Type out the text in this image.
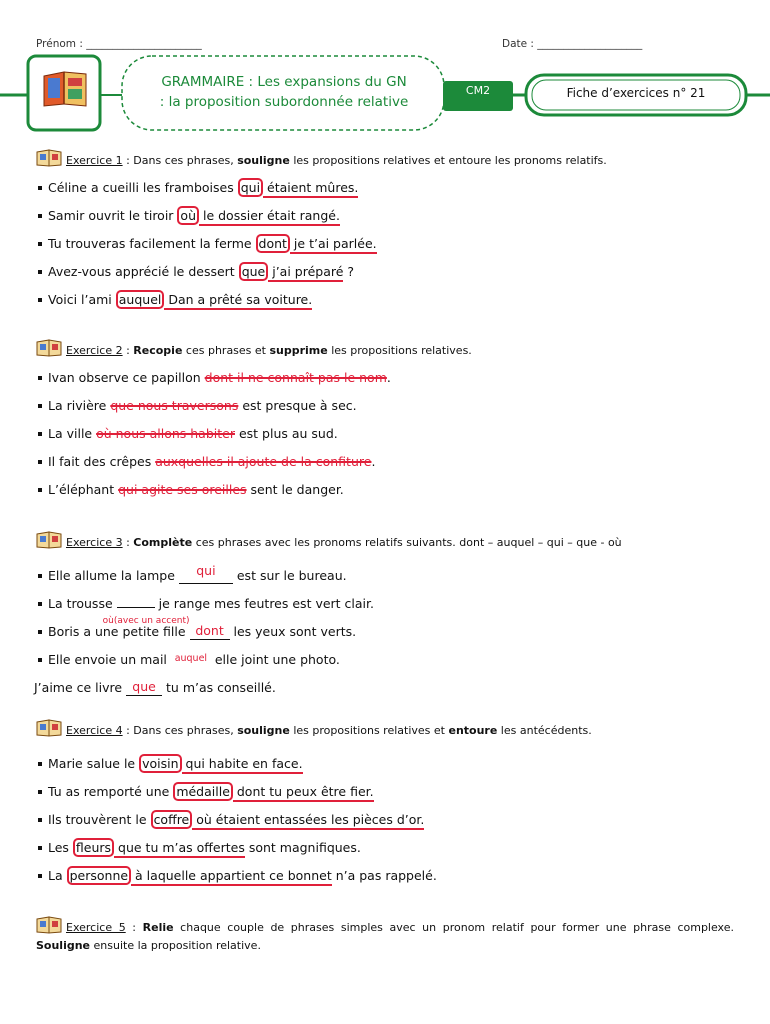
Prénom : ______________________	Date : ____________________
GRAMMAIRE : Les expansions du GN
: la proposition subordonnée relative
CM2	Fiche d’exercices n° 21
Exercice 1 : Dans ces phrases, souligne les propositions relatives et entoure les pronoms relatifs.
Céline a cueilli les framboises qui étaient mûres.
Samir ouvrit le tiroir où le dossier était rangé.
Tu trouveras facilement la ferme dont je t’ai parlée.
Avez-vous apprécié le dessert que j’ai préparé ?
Voici l’ami auquel Dan a prêté sa voiture.
Exercice 2 : Recopie ces phrases et supprime les propositions relatives.
Ivan observe ce papillon dont il ne connaît pas le nom.
La rivière que nous traversons est presque à sec.
La ville où nous allons habiter est plus au sud.
Il fait des crêpes auxquelles il ajoute de la confiture.
L’éléphant qui agite ses oreilles sent le danger.
Exercice 3 : Complète ces phrases avec les pronoms relatifs suivants. dont – auquel – qui – que - où
Elle allume la lampe qui est sur le bureau.
La trousse
où(avec un accent)
je range mes feutres est vert clair.
Boris a une petite fille dont les yeux sont verts.
Elle envoie un mail $^{auquel}$ elle joint une photo.
J’aime ce livre que tu m’as conseillé.
Exercice 4 : Dans ces phrases, souligne les propositions relatives et entoure les antécédents.
Marie salue le voisin qui habite en face.
Tu as remporté une médaille dont tu peux être fier.
Ils trouvèrent le coffre où étaient entassées les pièces d’or.
Les fleurs que tu m’as offertes sont magnifiques.
La personne à laquelle appartient ce bonnet n’a pas rappelé.
Exercice 5 : Relie chaque couple de phrases simples avec un pronom relatif pour former une phrase complexe. Souligne ensuite la proposition relative.
